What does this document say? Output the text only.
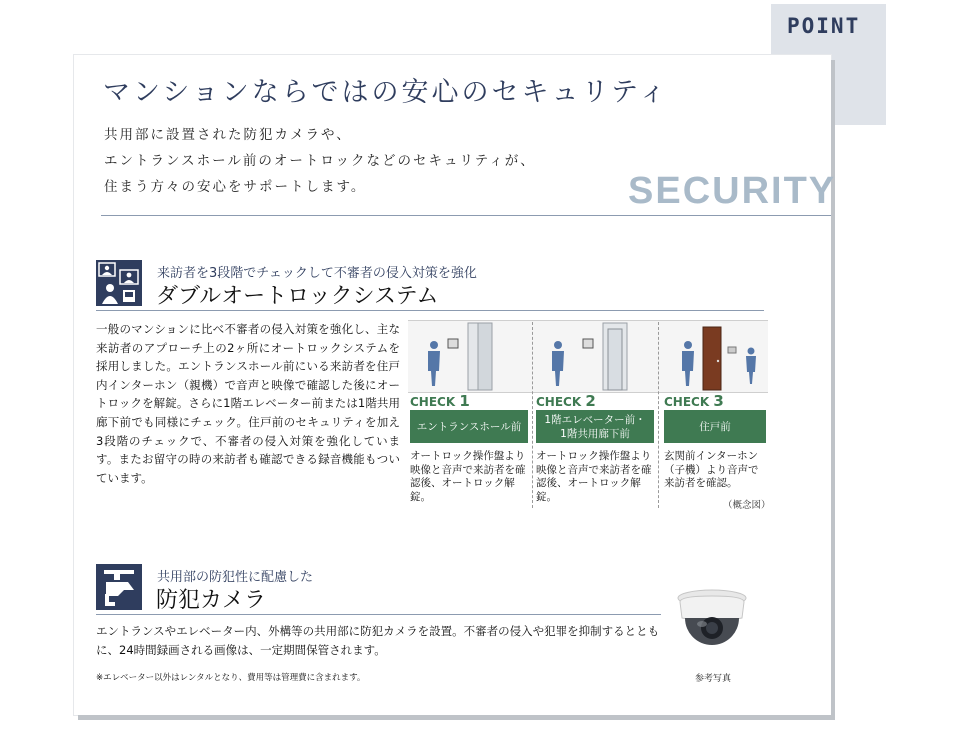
POINT
マンションならではの安心のセキュリティ
共用部に設置された防犯カメラや、
エントランスホール前のオートロックなどのセキュリティが、
住まう方々の安心をサポートします。	SECURITY
来訪者を3段階でチェックして不審者の侵入対策を強化
ダブルオートロックシステム

一般のマンションに比べ不審者の侵入対策を強化し、主な来訪者のアプローチ上の2ヶ所にオートロックシステムを採用しました。エントランスホール前にいる来訪者を住戸内インターホン（親機）で音声と映像で確認した後にオートロックを解錠。さらに1階エレベーター前または1階共用廊下前でも同様にチェック。住戸前のセキュリティを加え3段階のチェックで、不審者の侵入対策を強化しています。またお留守の時の来訪者も確認できる録音機能もついています。

CHECK 1
エントランスホール前
オートロック操作盤より映像と音声で来訪者を確認後、オートロック解錠。
CHECK 2
1階エレベーター前・
1階共用廊下前
オートロック操作盤より映像と音声で来訪者を確認後、オートロック解錠。
CHECK 3
住戸前
玄関前インターホン（子機）より音声で来訪者を確認。
（概念図）
共用部の防犯性に配慮した
防犯カメラ

エントランスやエレベーター内、外構等の共用部に防犯カメラを設置。不審者の侵入や犯罪を抑制するとともに、24時間録画される画像は、一定期間保管されます。

※エレベーター以外はレンタルとなり、費用等は管理費に含まれます。	参考写真
